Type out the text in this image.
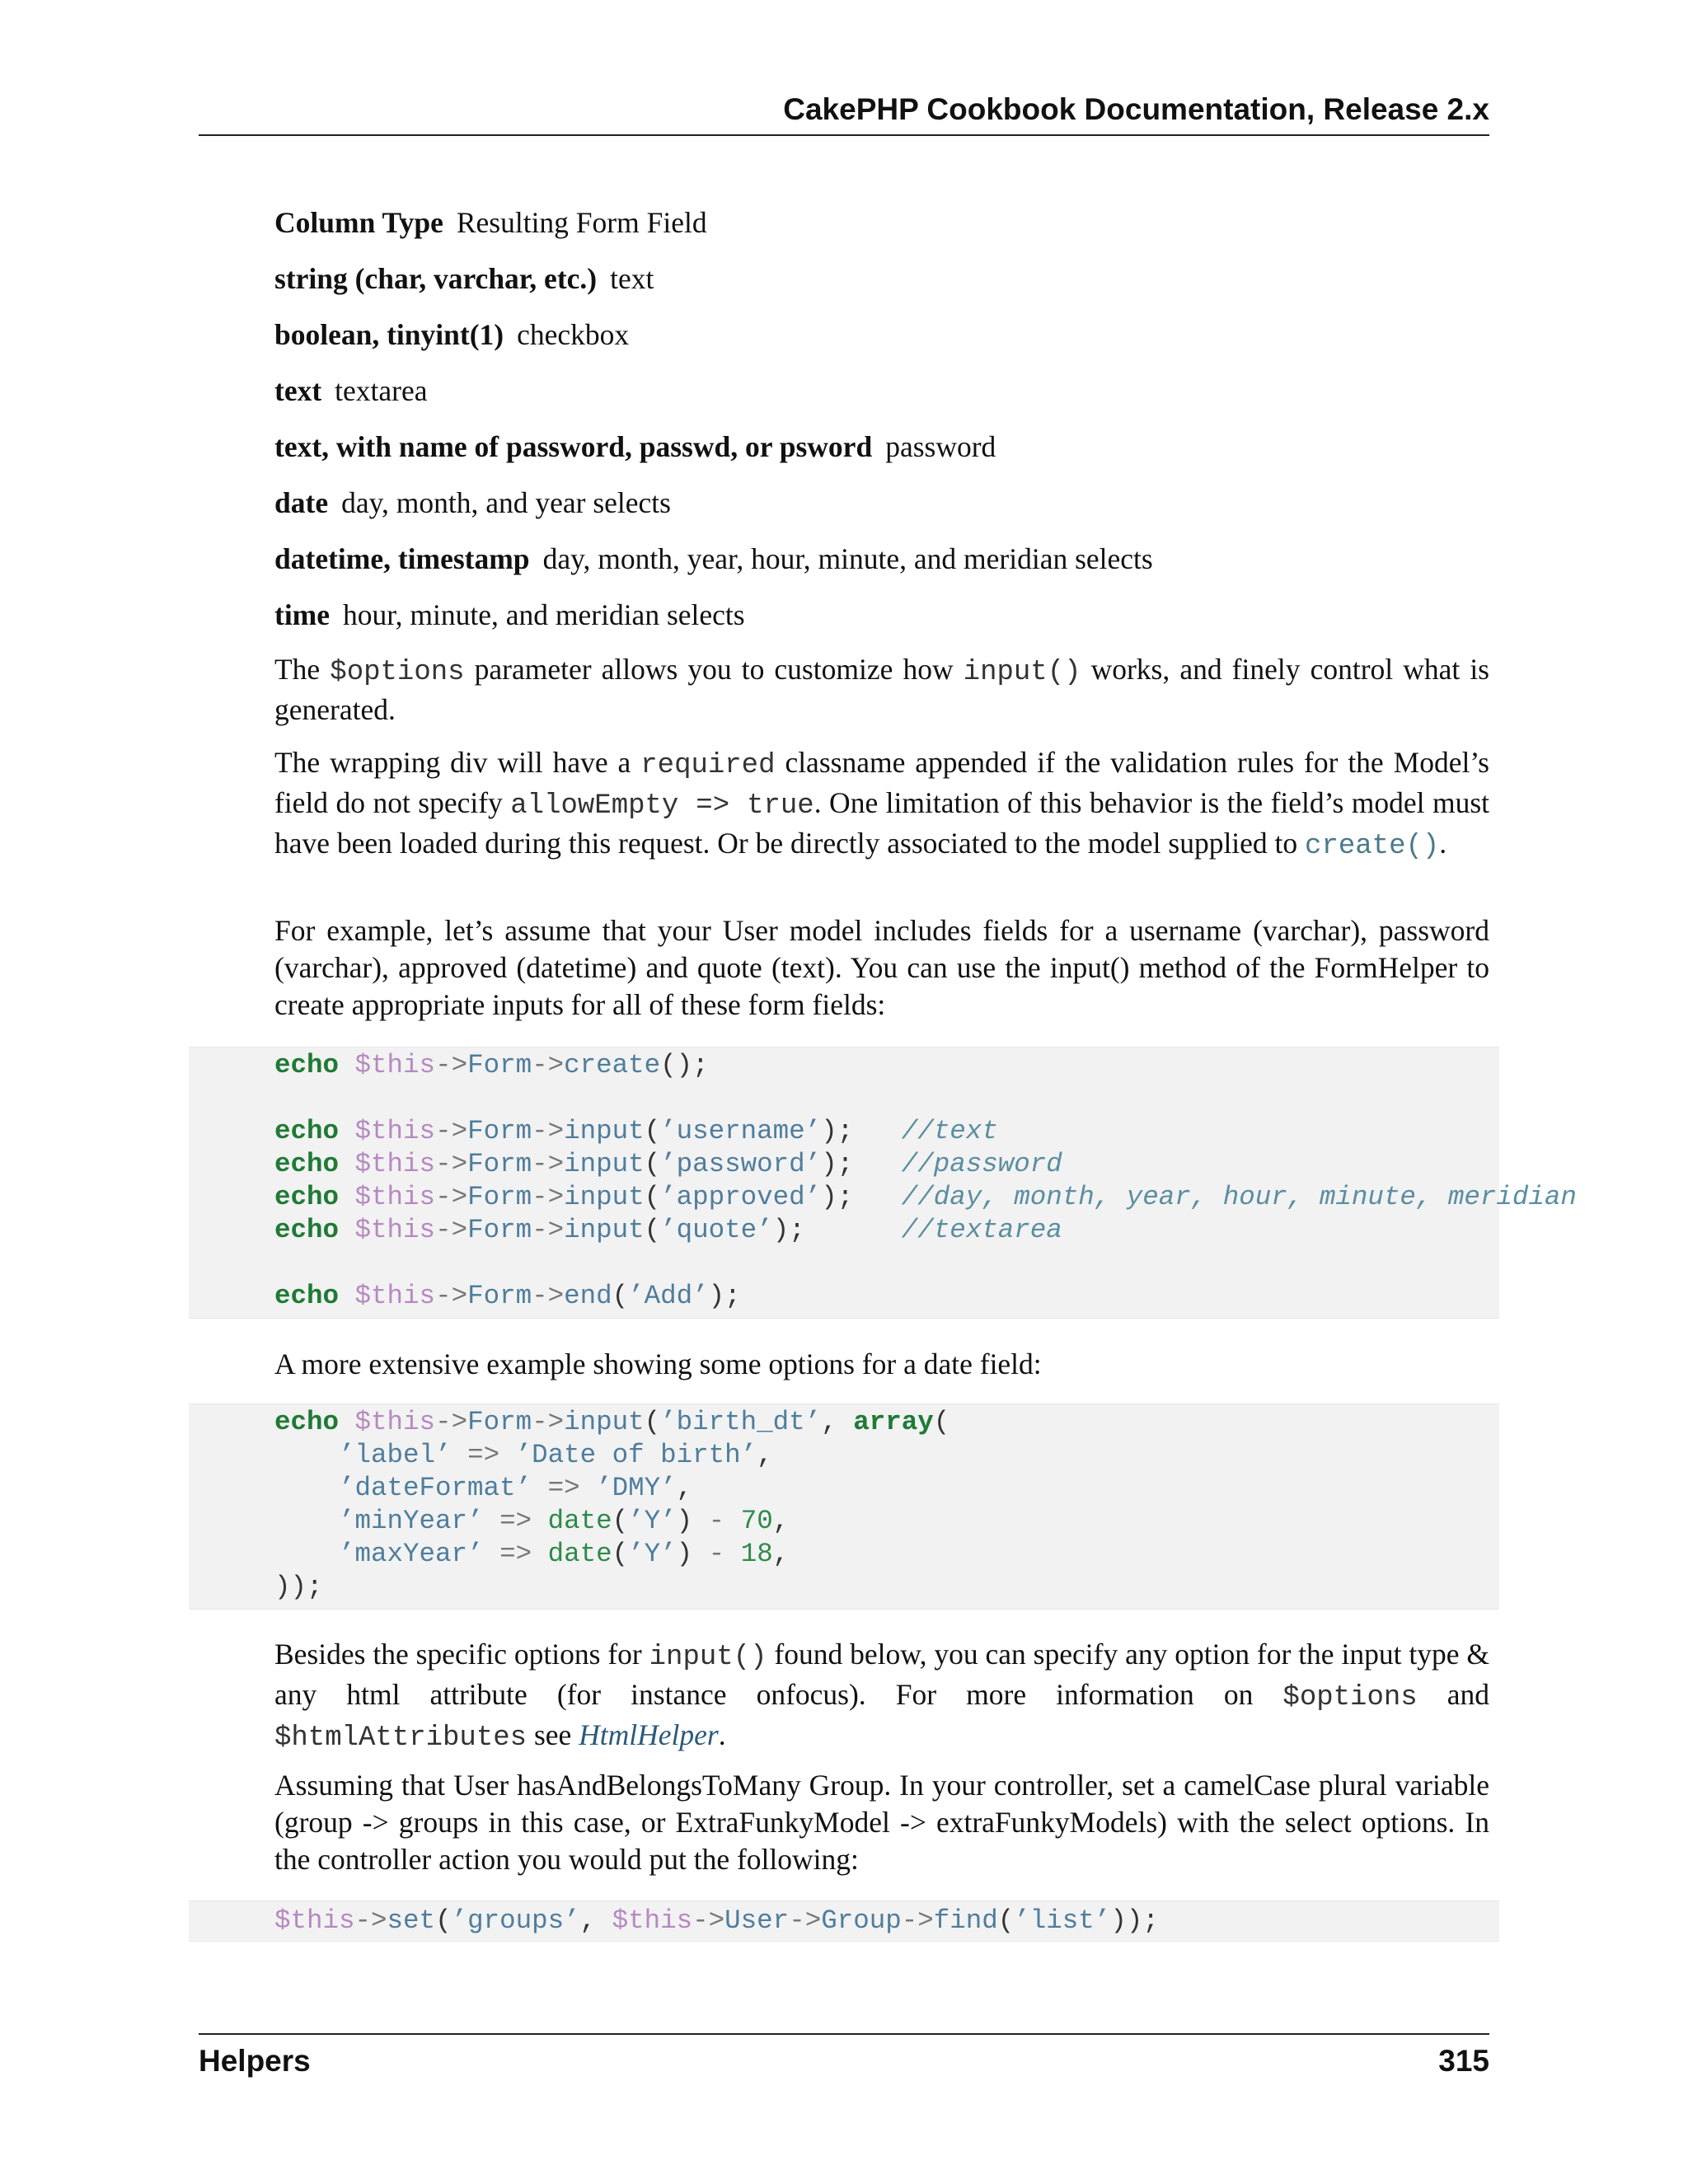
CakePHP Cookbook Documentation, Release 2.x
Column Type Resulting Form Field
string (char, varchar, etc.) text
boolean, tinyint(1) checkbox
text textarea
text, with name of password, passwd, or psword password
date day, month, and year selects
datetime, timestamp day, month, year, hour, minute, and meridian selects
time hour, minute, and meridian selects

The $options parameter allows you to customize how input() works, and finely control what is generated.

The wrapping div will have a required classname appended if the validation rules for the Model’s field do not specify allowEmpty => true. One limitation of this behavior is the field’s model must have been loaded during this request. Or be directly associated to the model supplied to create().

For example, let’s assume that your User model includes fields for a username (varchar), password (varchar), approved (datetime) and quote (text). You can use the input() method of the FormHelper to create appropriate inputs for all of these form fields:

echo $this->Form->create();

echo $this->Form->input(’username’);   //text
echo $this->Form->input(’password’);   //password
echo $this->Form->input(’approved’);   //day, month, year, hour, minute, meridian
echo $this->Form->input(’quote’);      //textarea

echo $this->Form->end(’Add’);

A more extensive example showing some options for a date field:

echo $this->Form->input(’birth_dt’, array(
’label’ => ’Date of birth’,
’dateFormat’ => ’DMY’,
’minYear’ => date(’Y’) - 70,
’maxYear’ => date(’Y’) - 18,
));

Besides the specific options for input() found below, you can specify any option for the input type & any html attribute (for instance onfocus). For more information on $options and $htmlAttributes see HtmlHelper.

Assuming that User hasAndBelongsToMany Group. In your controller, set a camelCase plural variable (group -> groups in this case, or ExtraFunkyModel -> extraFunkyModels) with the select options. In the controller action you would put the following:

$this->set(’groups’, $this->User->Group->find(’list’));
Helpers	315
